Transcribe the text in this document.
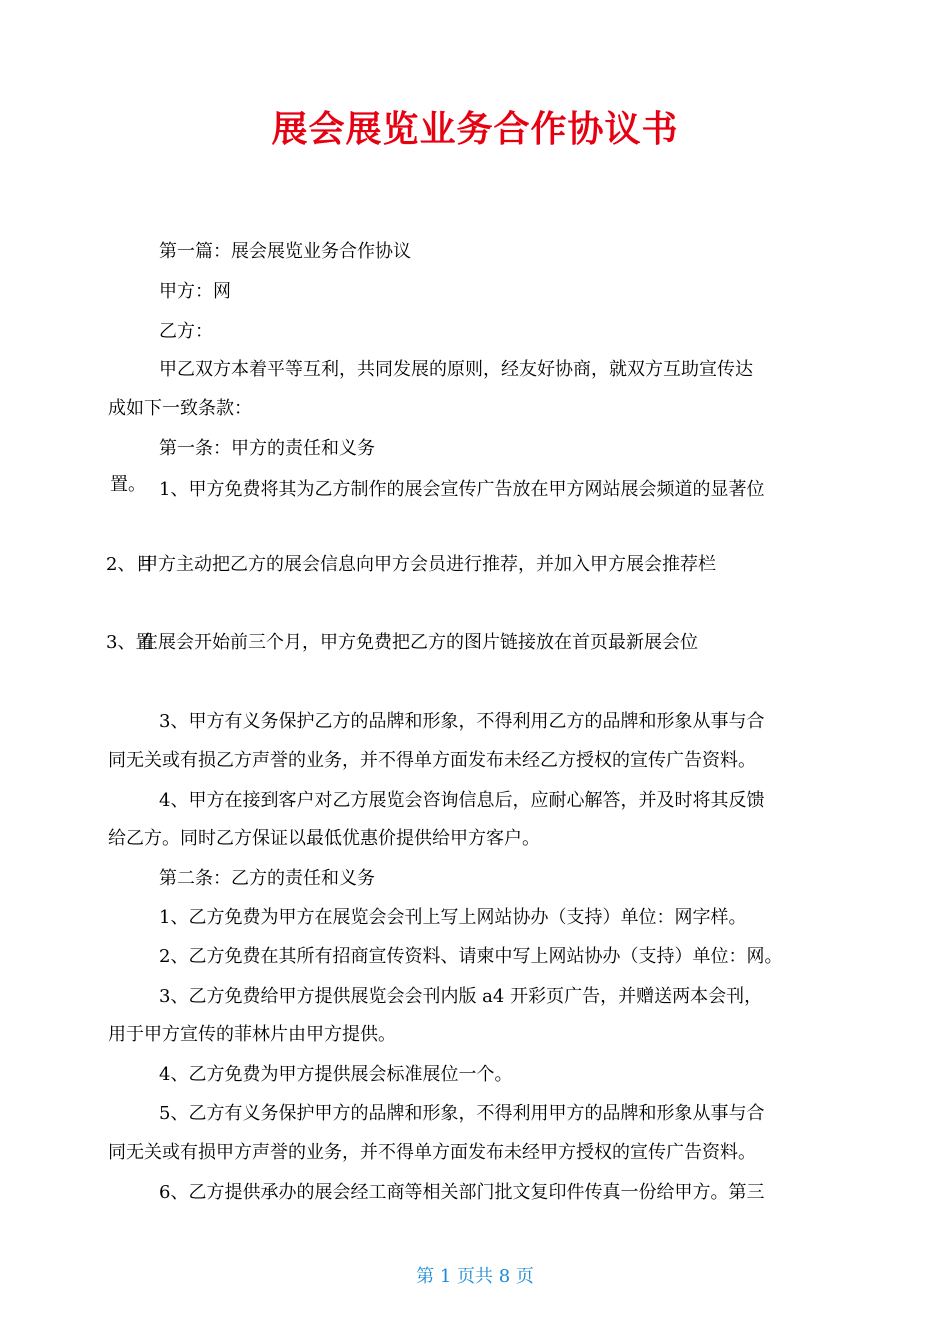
展会展览业务合作协议书
第一篇：展会展览业务合作协议
甲方：网
乙方：
甲乙双方本着平等互利，共同发展的原则，经友好协商，就双方互助宣传达
成如下一致条款：
第一条：甲方的责任和义务
置。 1、甲方免费将其为乙方制作的展会宣传广告放在甲方网站展会频道的显著位
2、目
甲方主动把乙方的展会信息向甲方会员进行推荐，并加入甲方展会推荐栏
3、置
在展会开始前三个月，甲方免费把乙方的图片链接放在首页最新展会位
3、甲方有义务保护乙方的品牌和形象，不得利用乙方的品牌和形象从事与合
同无关或有损乙方声誉的业务，并不得单方面发布未经乙方授权的宣传广告资料。
4、甲方在接到客户对乙方展览会咨询信息后，应耐心解答，并及时将其反馈
给乙方。同时乙方保证以最低优惠价提供给甲方客户。
第二条：乙方的责任和义务
1、乙方免费为甲方在展览会会刊上写上网站协办（支持）单位：网字样。
2、乙方免费在其所有招商宣传资料、请柬中写上网站协办（支持）单位：网。
3、乙方免费给甲方提供展览会会刊内版 a4 开彩页广告，并赠送两本会刊，
用于甲方宣传的菲林片由甲方提供。
4、乙方免费为甲方提供展会标准展位一个。
5、乙方有义务保护甲方的品牌和形象，不得利用甲方的品牌和形象从事与合
同无关或有损甲方声誉的业务，并不得单方面发布未经甲方授权的宣传广告资料。
6、乙方提供承办的展会经工商等相关部门批文复印件传真一份给甲方。第三
第 1 页共 8 页
